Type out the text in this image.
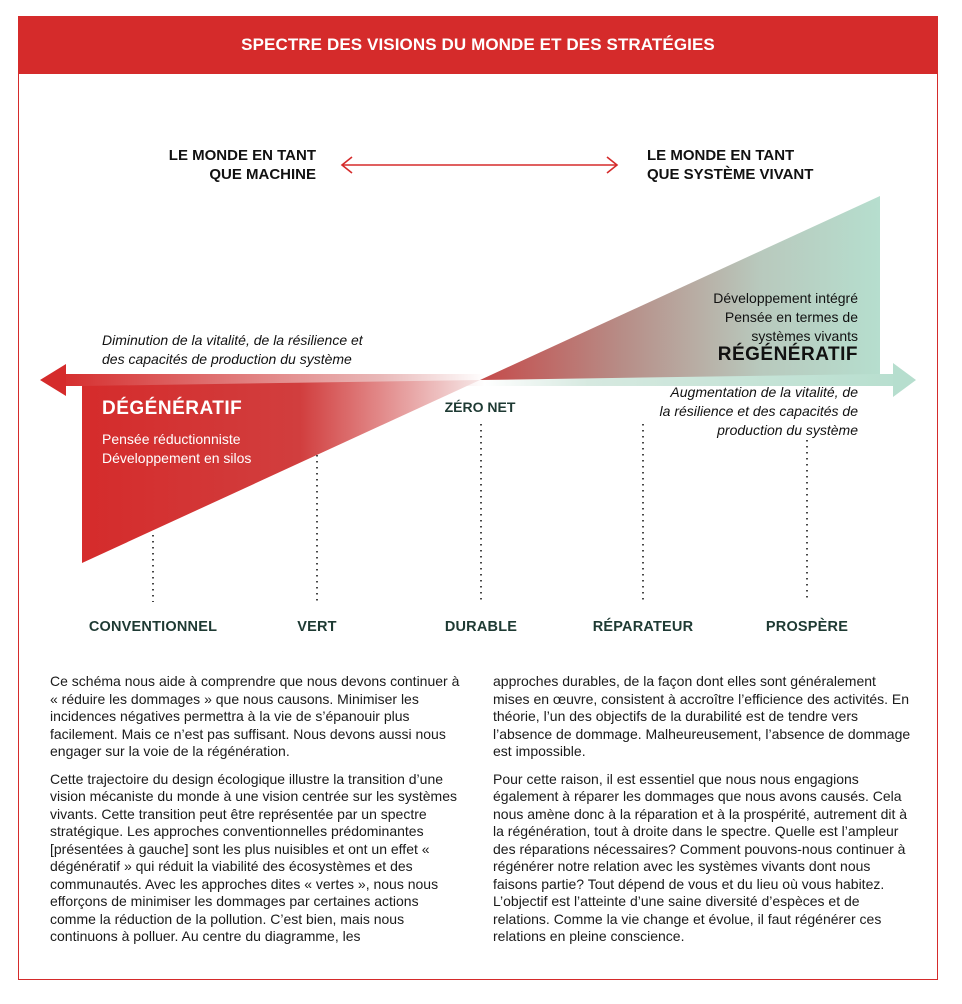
SPECTRE DES VISIONS DU MONDE ET DES STRATÉGIES
LE MONDE EN TANT
QUE MACHINE
LE MONDE EN TANT
QUE SYSTÈME VIVANT
Diminution de la vitalité, de la résilience et
des capacités de production du système
DÉGÉNÉRATIF
Pensée réductionniste
Développement en silos
Développement intégré
Pensée en termes de
systèmes vivants
RÉGÉNÉRATIF
Augmentation de la vitalité, de
la résilience et des capacités de
production du système
ZÉRO NET
CONVENTIONNEL	VERT	DURABLE	RÉPARATEUR	PROSPÈRE

Ce schéma nous aide à comprendre que nous devons continuer à « réduire les dommages » que nous causons. Minimiser les incidences négatives permettra à la vie de s’épanouir plus facilement. Mais ce n’est pas suffisant. Nous devons aussi nous engager sur la voie de la régénération.

Cette trajectoire du design écologique illustre la transition d’une vision mécaniste du monde à une vision centrée sur les systèmes vivants. Cette transition peut être représentée par un spectre stratégique. Les approches conventionnelles prédominantes [présentées à gauche] sont les plus nuisibles et ont un effet « dégénératif » qui réduit la viabilité des écosystèmes et des communautés. Avec les approches dites « vertes », nous nous efforçons de minimiser les dommages par certaines actions comme la réduction de la pollution. C’est bien, mais nous continuons à polluer. Au centre du diagramme, les

approches durables, de la façon dont elles sont généralement mises en œuvre, consistent à accroître l’efficience des activités. En théorie, l’un des objectifs de la durabilité est de tendre vers l’absence de dommage. Malheureusement, l’absence de dommage est impossible.

Pour cette raison, il est essentiel que nous nous engagions également à réparer les dommages que nous avons causés. Cela nous amène donc à la réparation et à la prospérité, autrement dit à la régénération, tout à droite dans le spectre. Quelle est l’ampleur des réparations nécessaires? Comment pouvons-nous continuer à régénérer notre relation avec les systèmes vivants dont nous faisons partie? Tout dépend de vous et du lieu où vous habitez. L’objectif est l’atteinte d’une saine diversité d’espèces et de relations. Comme la vie change et évolue, il faut régénérer ces relations en pleine conscience.
